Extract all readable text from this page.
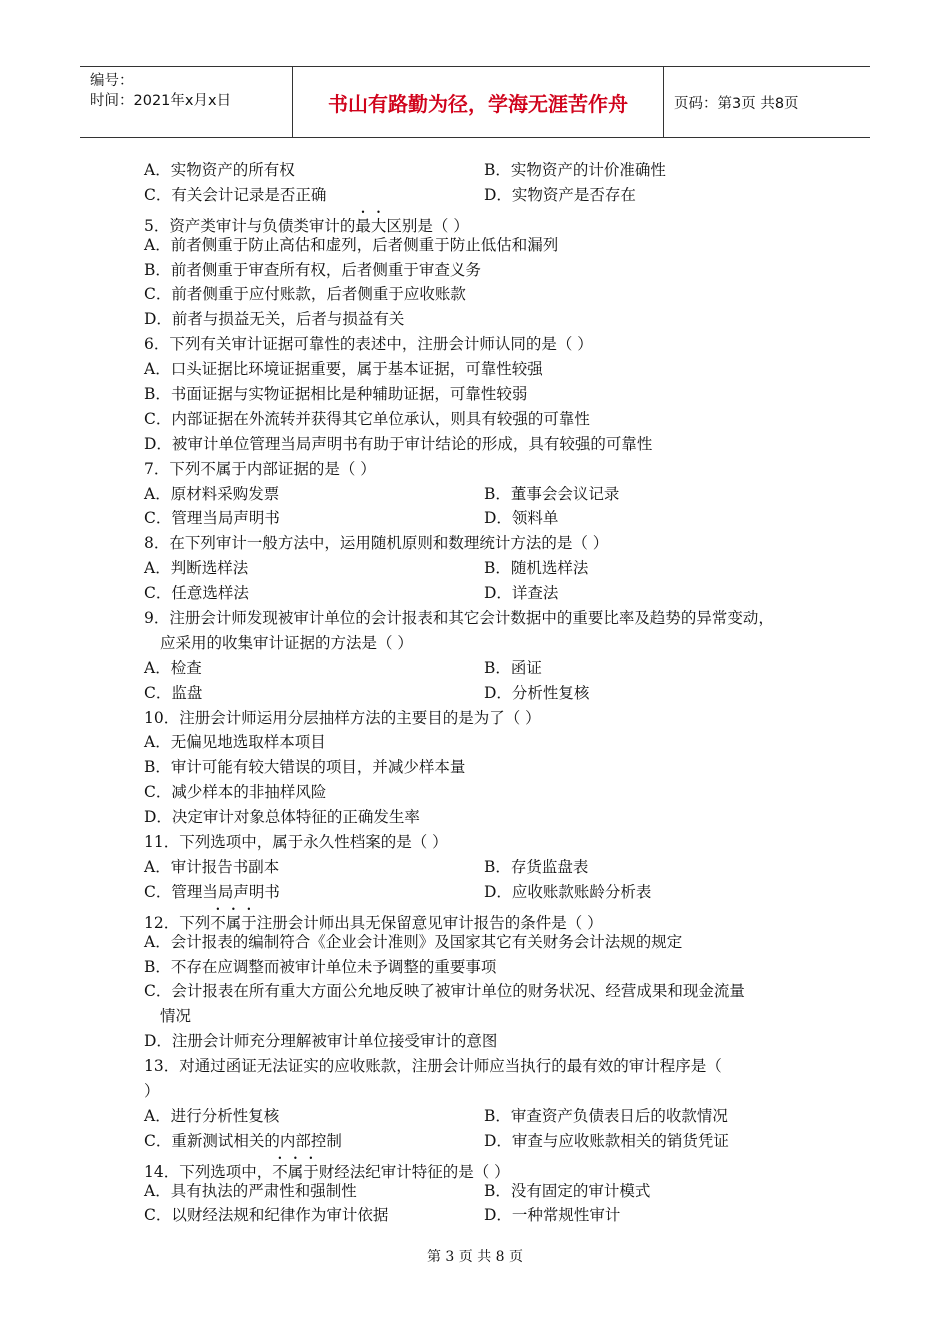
编号：
时间：2021年x月x日	书山有路勤为径，学海无涯苦作舟	页码：第3页 共8页
A．实物资产的所有权	B．实物资产的计价准确性
C．有关会计记录是否正确	D．实物资产是否存在
5．资产类审计与负债类审计的最大区别是（ ）
A．前者侧重于防止高估和虚列，后者侧重于防止低估和漏列
B．前者侧重于审查所有权，后者侧重于审查义务
C．前者侧重于应付账款，后者侧重于应收账款
D．前者与损益无关，后者与损益有关
6．下列有关审计证据可靠性的表述中，注册会计师认同的是（ ）
A．口头证据比环境证据重要，属于基本证据，可靠性较强
B．书面证据与实物证据相比是种辅助证据，可靠性较弱
C．内部证据在外流转并获得其它单位承认，则具有较强的可靠性
D．被审计单位管理当局声明书有助于审计结论的形成，具有较强的可靠性
7．下列不属于内部证据的是（ ）
A．原材料采购发票	B．董事会会议记录
C．管理当局声明书	D．领料单
8．在下列审计一般方法中，运用随机原则和数理统计方法的是（ ）
A．判断选样法	B．随机选样法
C．任意选样法	D．详查法
9．注册会计师发现被审计单位的会计报表和其它会计数据中的重要比率及趋势的异常变动，
应采用的收集审计证据的方法是（ ）
A．检查	B．函证
C．监盘	D．分析性复核
10．注册会计师运用分层抽样方法的主要目的是为了（ ）
A．无偏见地选取样本项目
B．审计可能有较大错误的项目，并减少样本量
C．减少样本的非抽样风险
D．决定审计对象总体特征的正确发生率
11．下列选项中，属于永久性档案的是（ ）
A．审计报告书副本	B．存货监盘表
C．管理当局声明书	D．应收账款账龄分析表
12．下列不属于注册会计师出具无保留意见审计报告的条件是（ ）
A．会计报表的编制符合《企业会计准则》及国家其它有关财务会计法规的规定
B．不存在应调整而被审计单位未予调整的重要事项
C．会计报表在所有重大方面公允地反映了被审计单位的财务状况、经营成果和现金流量
情况
D．注册会计师充分理解被审计单位接受审计的意图
13．对通过函证无法证实的应收账款，注册会计师应当执行的最有效的审计程序是（
）
A．进行分析性复核	B．审查资产负债表日后的收款情况
C．重新测试相关的内部控制	D．审查与应收账款相关的销货凭证
14．下列选项中，不属于财经法纪审计特征的是（ ）
A．具有执法的严肃性和强制性	B．没有固定的审计模式
C．以财经法规和纪律作为审计依据	D．一种常规性审计
第 3 页 共 8 页
